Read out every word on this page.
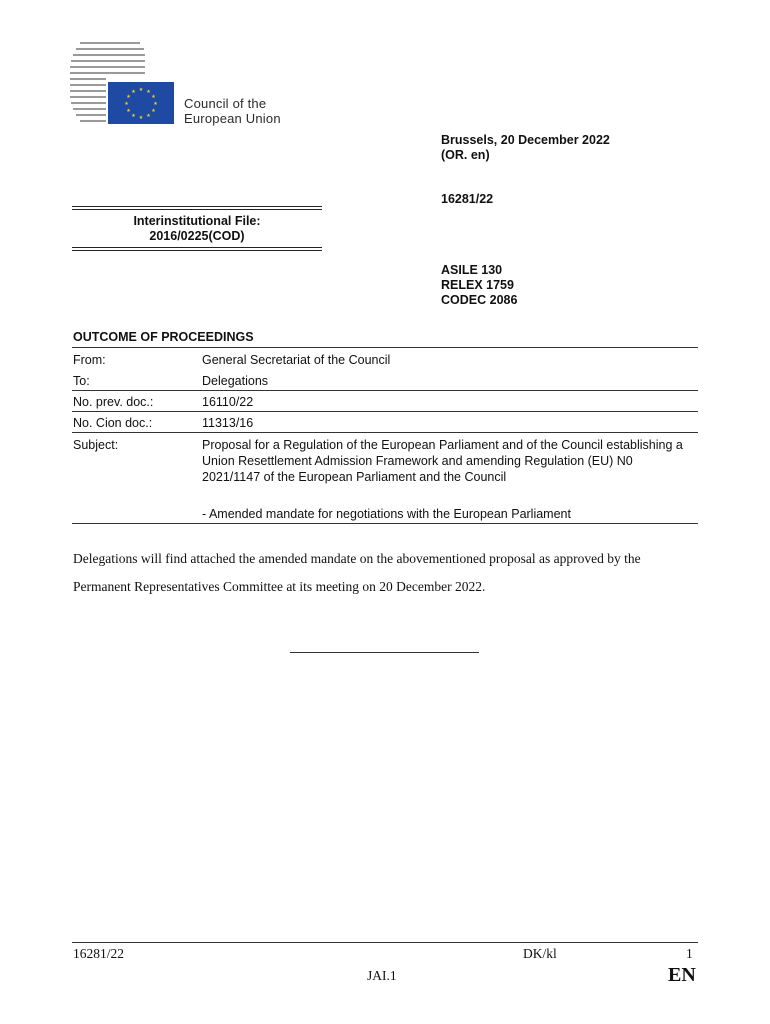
★ ★
★
★
★
★
★
★
★
★
★
★
Council of the
European Union
Brussels, 20 December 2022
(OR. en)
16281/22
ASILE 130
RELEX 1759
CODEC 2086
Interinstitutional File:
2016/0225(COD)
OUTCOME OF PROCEEDINGS
From:	General Secretariat of the Council
To:	Delegations
No. prev. doc.:	16110/22
No. Cion doc.:	11313/16
Subject:	Proposal for a Regulation of the European Parliament and of the Council establishing a Union Resettlement Admission Framework and amending Regulation (EU) N0 2021/1147 of the European Parliament and the Council
- Amended mandate for negotiations with the European Parliament
Delegations will find attached the amended mandate on the abovementioned proposal as approved by the Permanent Representatives Committee at its meeting on 20 December 2022.
16281/22	DK/kl	1
JAI.1	EN
